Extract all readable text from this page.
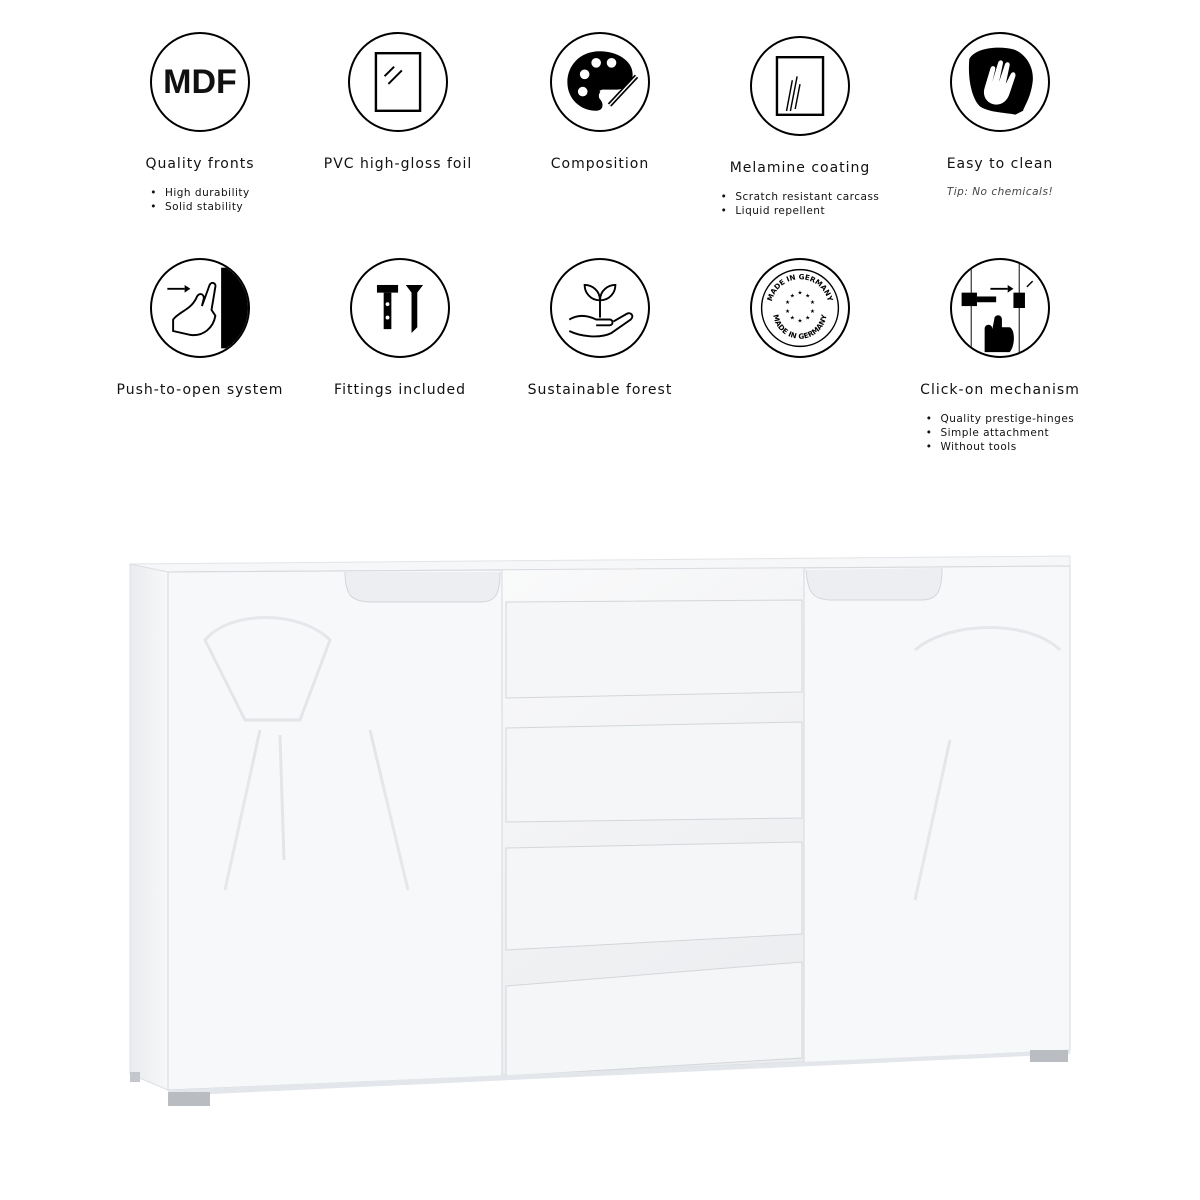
MDF
Quality fronts
• High durability
• Solid stability
PVC high-gloss foil	Composition	Melamine coating
• Scratch resistant carcass
• Liquid repellent
Easy to clean
Tip: No chemicals!
Push-to-open system	Fittings included	Sustainable forest
MADE IN GERMANY
MADE IN GERMANY
★ ★
★
★
★
★
★
★
★
★
Click-on mechanism
• Quality prestige-hinges
• Simple attachment
• Without tools
